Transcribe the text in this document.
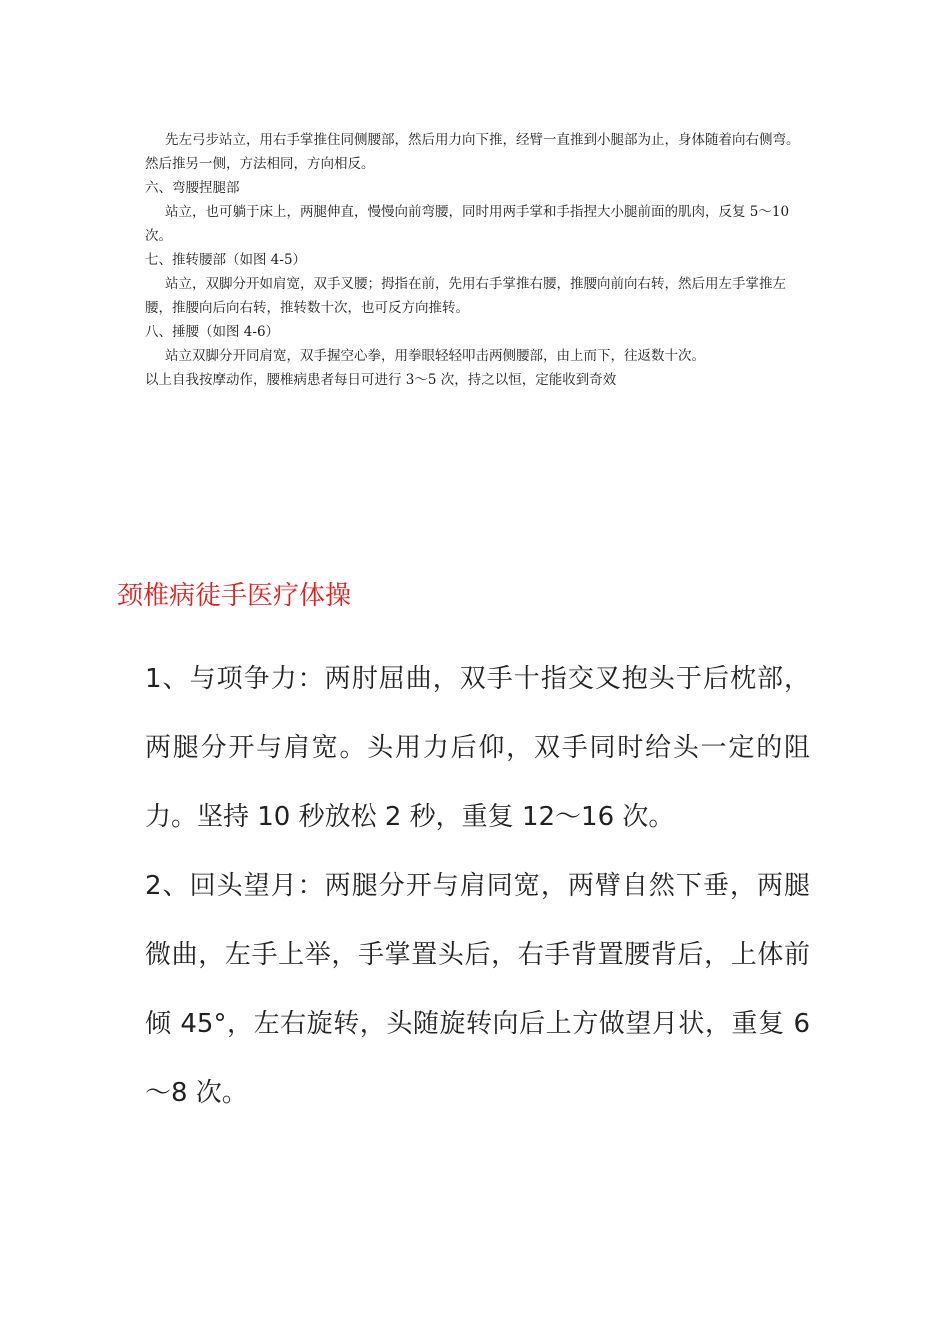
先左弓步站立，用右手掌推住同侧腰部，然后用力向下推，经臂一直推到小腿部为止，身体随着向右侧弯。然后推另一侧，方法相同，方向相反。

六、弯腰捏腿部

站立，也可躺于床上，两腿伸直，慢慢向前弯腰，同时用两手掌和手指捏大小腿前面的肌肉，反复 5～10 次。

七、推转腰部（如图 4-5）

站立，双脚分开如肩宽，双手叉腰；拇指在前，先用右手掌推右腰，推腰向前向右转，然后用左手掌推左腰，推腰向后向右转，推转数十次，也可反方向推转。

八、捶腰（如图 4-6）

站立双脚分开同肩宽，双手握空心拳，用拳眼轻轻叩击两侧腰部，由上而下，往返数十次。

以上自我按摩动作，腰椎病患者每日可进行 3～5 次，持之以恒，定能收到奇效

颈椎病徒手医疗体操

1、与项争力：两肘屈曲，双手十指交叉抱头于后枕部，两腿分开与肩宽。头用力后仰，双手同时给头一定的阻力。坚持 10 秒放松 2 秒，重复 12～16 次。

2、回头望月：两腿分开与肩同宽，两臂自然下垂，两腿微曲，左手上举，手掌置头后，右手背置腰背后，上体前倾 45°，左右旋转，头随旋转向后上方做望月状，重复 6～8 次。
